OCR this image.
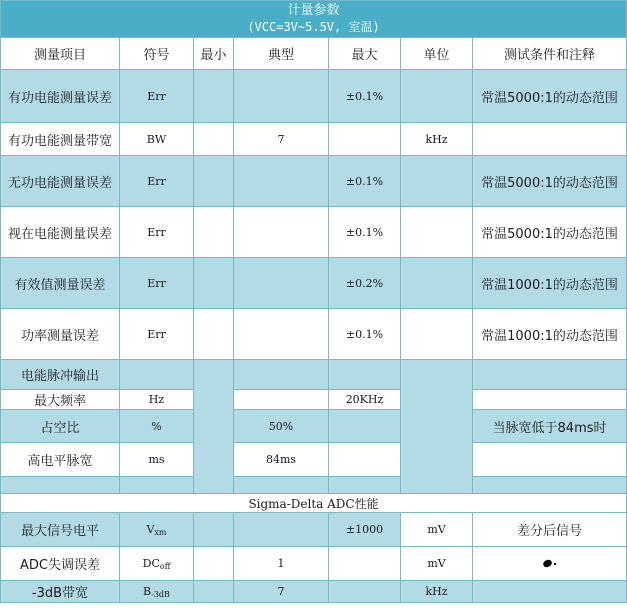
计量参数
(VCC=3V~5.5V, 室温)						

测量项目	符号	最小	典型	最大	单位	测试条件和注释
有功电能测量误差	Err			±0.1%		常温5000:1的动态范围
有功电能测量带宽	BW		7		kHz	
无功电能测量误差	Err			±0.1%		常温5000:1的动态范围
视在电能测量误差	Err			±0.1%		常温5000:1的动态范围
有效值测量误差	Err			±0.2%		常温1000:1的动态范围
功率测量误差	Err			±0.1%		常温1000:1的动态范围
电能脉冲输出						
最大频率	Hz			20KHz		
占空比	%		50%			当脉宽低于84ms时
高电平脉宽	ms		84ms			

Sigma-Delta ADC性能						
最大信号电平	Vxm			±1000	mV	差分后信号
ADC失调误差	DCoff		1		mV	
-3dB带宽	B-3dB		7		kHz	
